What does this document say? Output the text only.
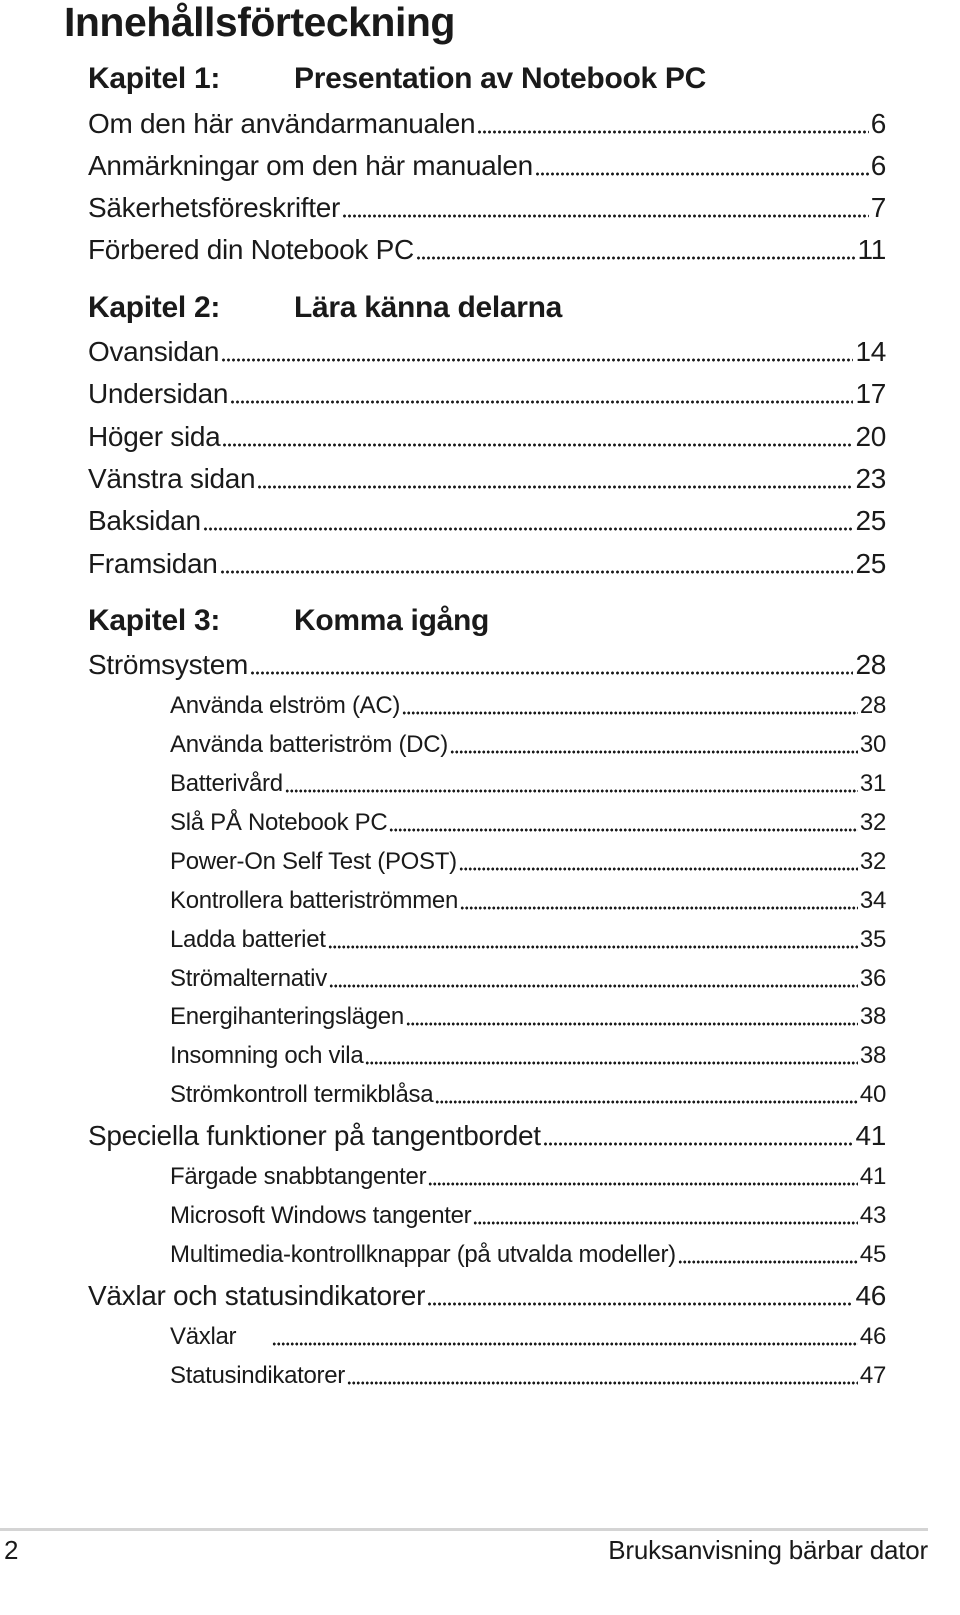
Innehållsförteckning
Kapitel 1: Presentation av Notebook PC
Om den här användarmanualen	6
Anmärkningar om den här manualen	6
Säkerhetsföreskrifter	7
Förbered din Notebook PC	11
Kapitel 2: Lära känna delarna
Ovansidan	14
Undersidan	17
Höger sida	20
Vänstra sidan	23
Baksidan	25
Framsidan	25
Kapitel 3: Komma igång
Strömsystem	28
Använda elström (AC)	28
Använda batteriström (DC)	30
Batterivård	31
Slå PÅ Notebook PC	32
Power-On Self Test (POST)	32
Kontrollera batteriströmmen	34
Ladda batteriet	35
Strömalternativ	36
Energihanteringslägen	38
Insomning och vila	38
Strömkontroll termikblåsa	40
Speciella funktioner på tangentbordet	41
Färgade snabbtangenter	41
Microsoft Windows tangenter	43
Multimedia-kontrollknappar (på utvalda modeller)	45
Växlar och statusindikatorer	46
Växlar	46
Statusindikatorer	47
2	Bruksanvisning bärbar dator
